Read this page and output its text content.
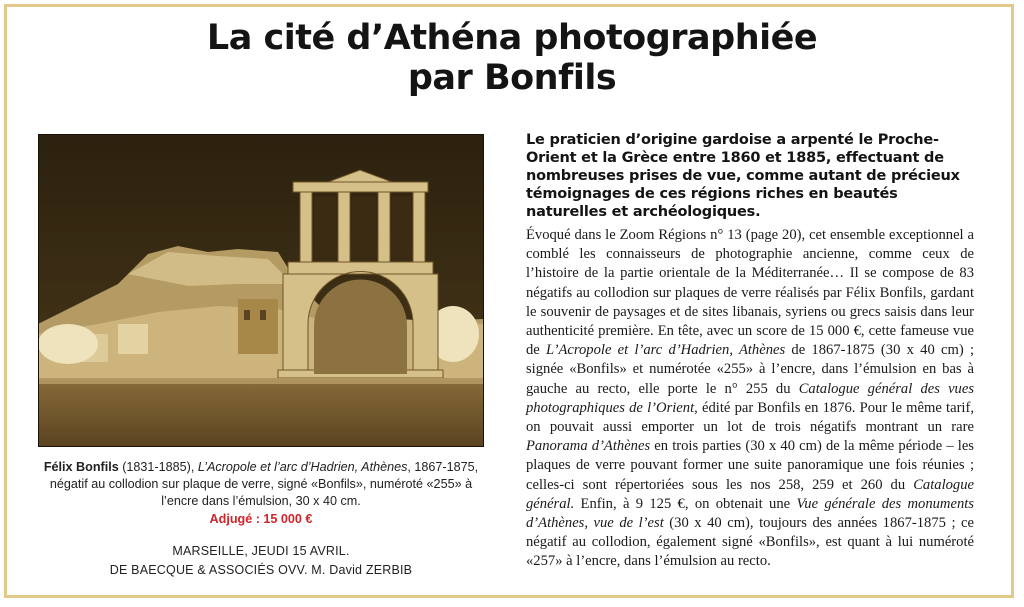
La cité d’Athéna photographiée
par Bonfils
Félix Bonfils (1831-1885), L’Acropole et l’arc d’Hadrien, Athènes, 1867-1875, négatif au collodion sur plaque de verre, signé «Bonfils», numéroté «255» à l’encre dans l’émulsion, 30 x 40 cm.
Adjugé : 15 000 €
MARSEILLE, JEUDI 15 AVRIL.
DE BAECQUE & ASSOCIÉS OVV. M. David ZERBIB

Le praticien d’origine gardoise a arpenté le Proche-Orient et la Grèce entre 1860 et 1885, effectuant de nombreuses prises de vue, comme autant de précieux témoignages de ces régions riches en beautés naturelles et archéologiques.

Évoqué dans le Zoom Régions n° 13 (page 20), cet ensemble exceptionnel a comblé les connaisseurs de photographie ancienne, comme ceux de l’histoire de la partie orientale de la Méditerranée… Il se compose de 83 négatifs au collodion sur plaques de verre réalisés par Félix Bonfils, gardant le souvenir de paysages et de sites libanais, syriens ou grecs saisis dans leur authenticité première. En tête, avec un score de 15 000 €, cette fameuse vue de L’Acropole et l’arc d’Hadrien, Athènes de 1867-1875 (30 x 40 cm) ; signée «Bonfils» et numérotée «255» à l’encre, dans l’émulsion en bas à gauche au recto, elle porte le n° 255 du Catalogue général des vues photographiques de l’Orient, édité par Bonfils en 1876. Pour le même tarif, on pouvait aussi emporter un lot de trois négatifs montrant un rare Panorama d’Athènes en trois parties (30 x 40 cm) de la même période – les plaques de verre pouvant former une suite panoramique une fois réunies ; celles-ci sont répertoriées sous les nos 258, 259 et 260 du Catalogue général. Enfin, à 9 125 €, on obtenait une Vue générale des monuments d’Athènes, vue de l’est (30 x 40 cm), toujours des années 1867-1875 ; ce négatif au collodion, également signé «Bonfils», est quant à lui numéroté «257» à l’encre, dans l’émulsion au recto.
